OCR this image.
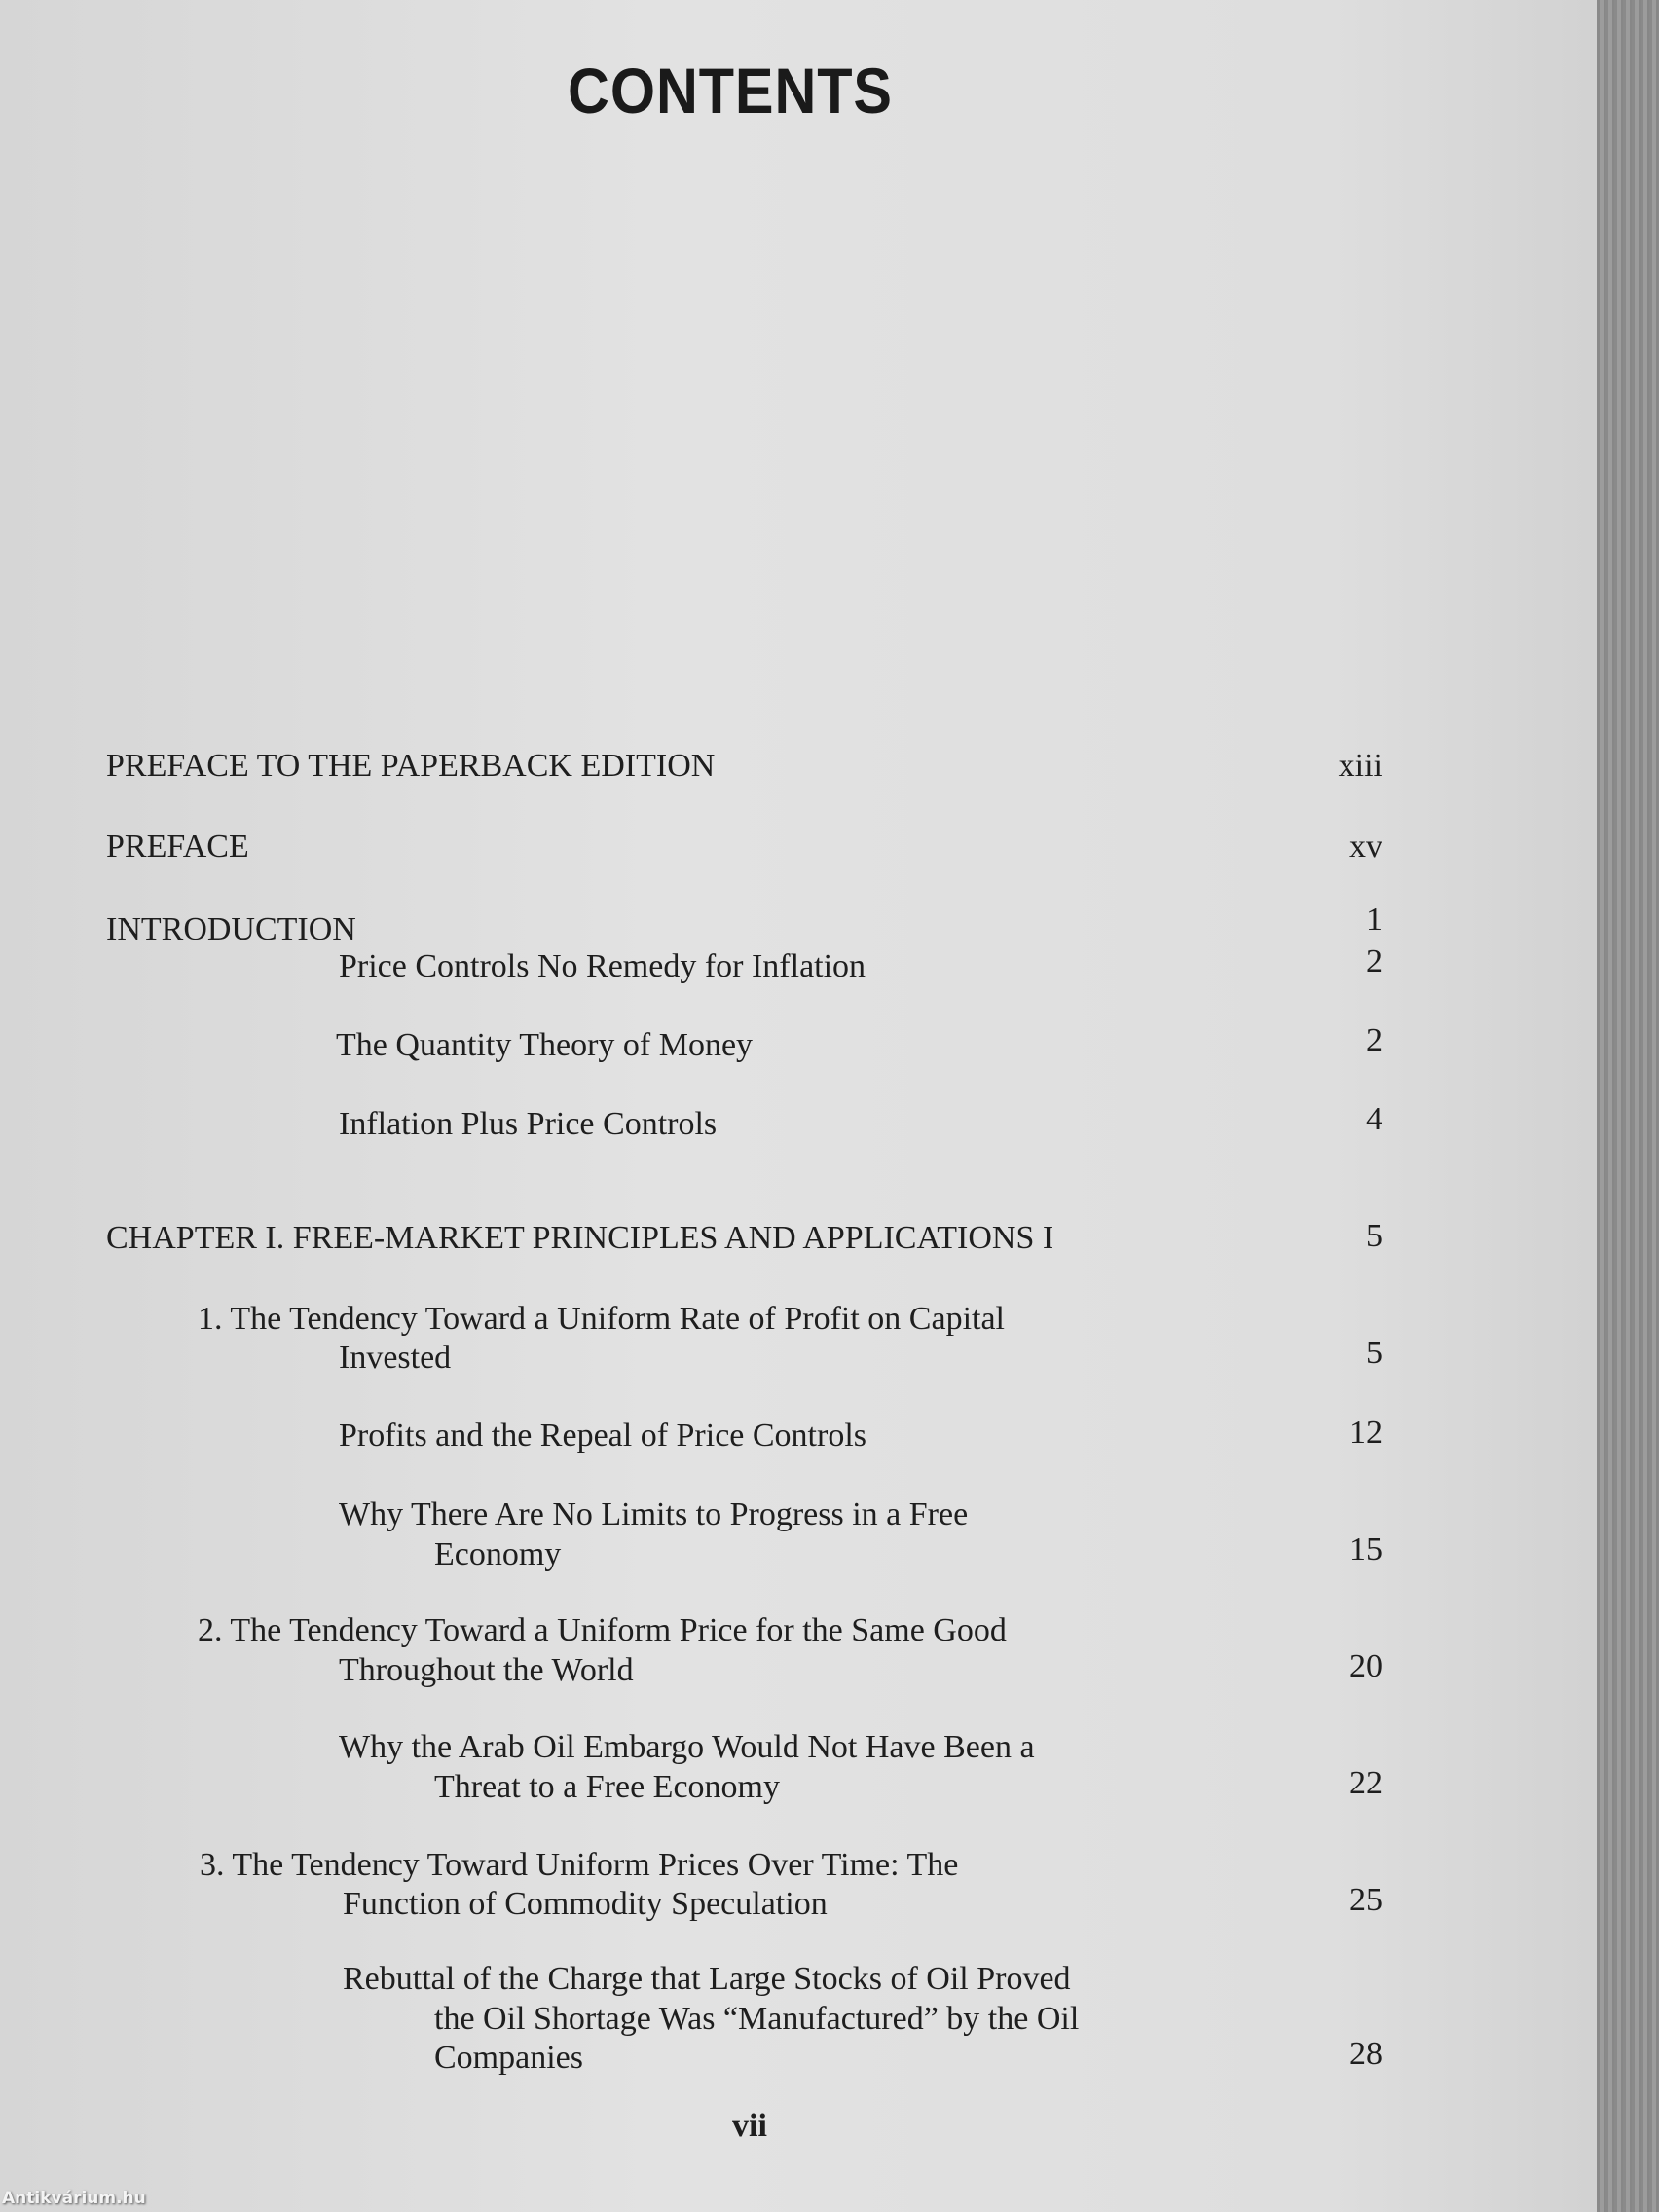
CONTENTS
PREFACE TO THE PAPERBACK EDITION	xiii
PREFACE	xv
INTRODUCTION	1
Price Controls No Remedy for Inflation	2
The Quantity Theory of Money	2
Inflation Plus Price Controls	4
CHAPTER I. FREE-MARKET PRINCIPLES AND APPLICATIONS I	5
1. The Tendency Toward a Uniform Rate of Profit on Capital
Invested	5
Profits and the Repeal of Price Controls	12
Why There Are No Limits to Progress in a Free
Economy	15
2. The Tendency Toward a Uniform Price for the Same Good
Throughout the World	20
Why the Arab Oil Embargo Would Not Have Been a
Threat to a Free Economy	22
3. The Tendency Toward Uniform Prices Over Time: The
Function of Commodity Speculation	25
Rebuttal of the Charge that Large Stocks of Oil Proved
the Oil Shortage Was “Manufactured” by the Oil
Companies	28
vii
Antikvárium.hu
